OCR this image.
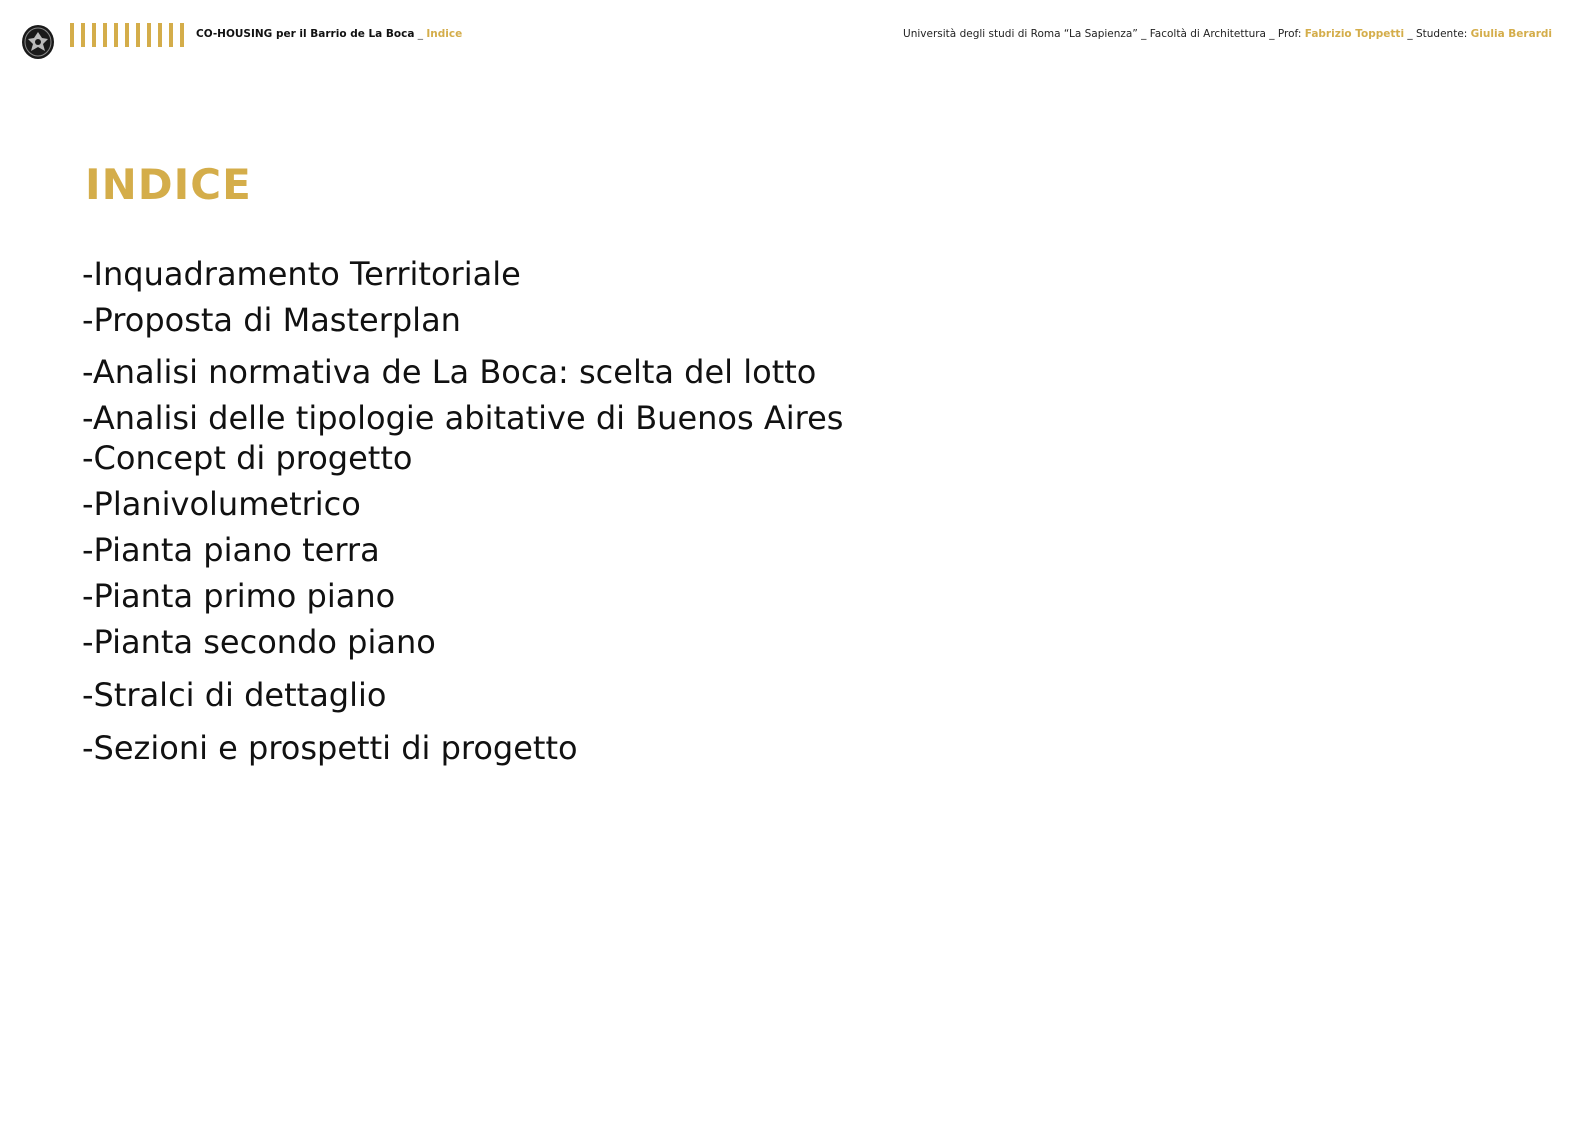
CO-HOUSING per il Barrio de La Boca _ Indice	Università degli studi di Roma “La Sapienza” _ Facoltà di Architettura _ Prof: Fabrizio Toppetti _ Studente: Giulia Berardi
INDICE
-Inquadramento Territoriale
-Proposta di Masterplan
-Analisi normativa de La Boca: scelta del lotto
-Analisi delle tipologie abitative di Buenos Aires
-Concept di progetto
-Planivolumetrico
-Pianta piano terra
-Pianta primo piano
-Pianta secondo piano
-Stralci di dettaglio
-Sezioni e prospetti di progetto
